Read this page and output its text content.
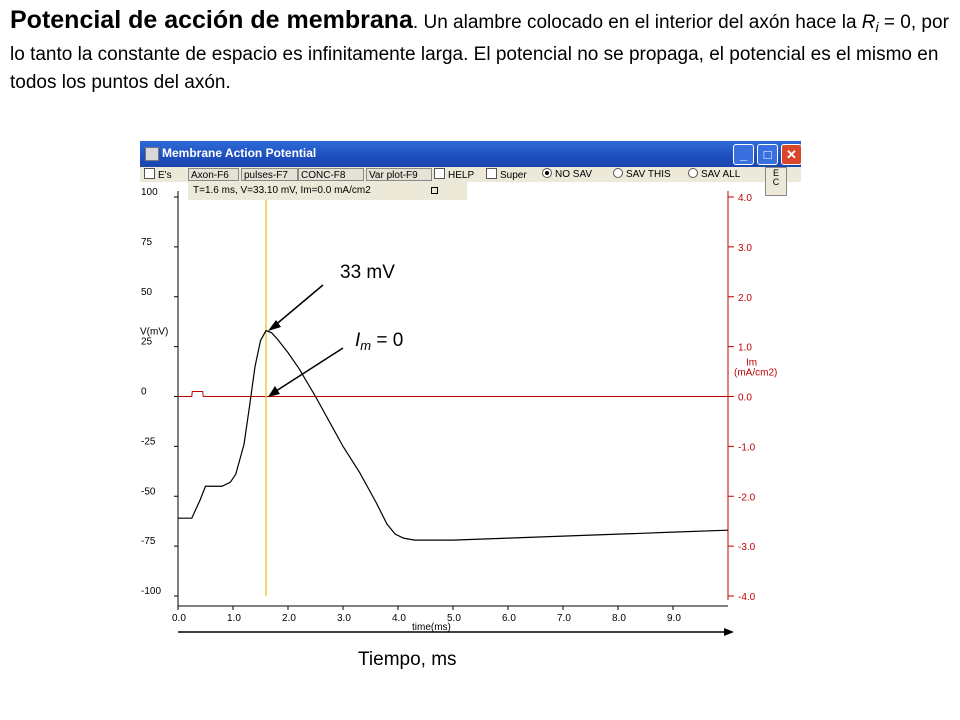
Potencial de acción de membrana. Un alambre colocado en el interior del axón hace la $R_i = 0$, por lo tanto la constante de espacio es infinitamente larga. El potencial no se propaga, el potencial es el mismo en todos los puntos del axón.
Membrane Action Potential	_	□	✕
E's	Axon-F6	pulses-F7	CONC-F8	Var plot-F9	HELP	Super	NO SAV	SAV THIS	SAV ALL	E
C
100
75
50
25
0
-25
-50
-75
-100
V(mV)
4.0
3.0
2.0
1.0
0.0
-1.0
-2.0
-3.0
-4.0
Im
(mA/cm2)
0.0	1.0	2.0	3.0	4.0	5.0	6.0	7.0	8.0	9.0
time(ms)
T=1.6 ms, V=33.10 mV, Im=0.0 mA/cm2
33 mV
$I_m = 0$
Tiempo, ms
